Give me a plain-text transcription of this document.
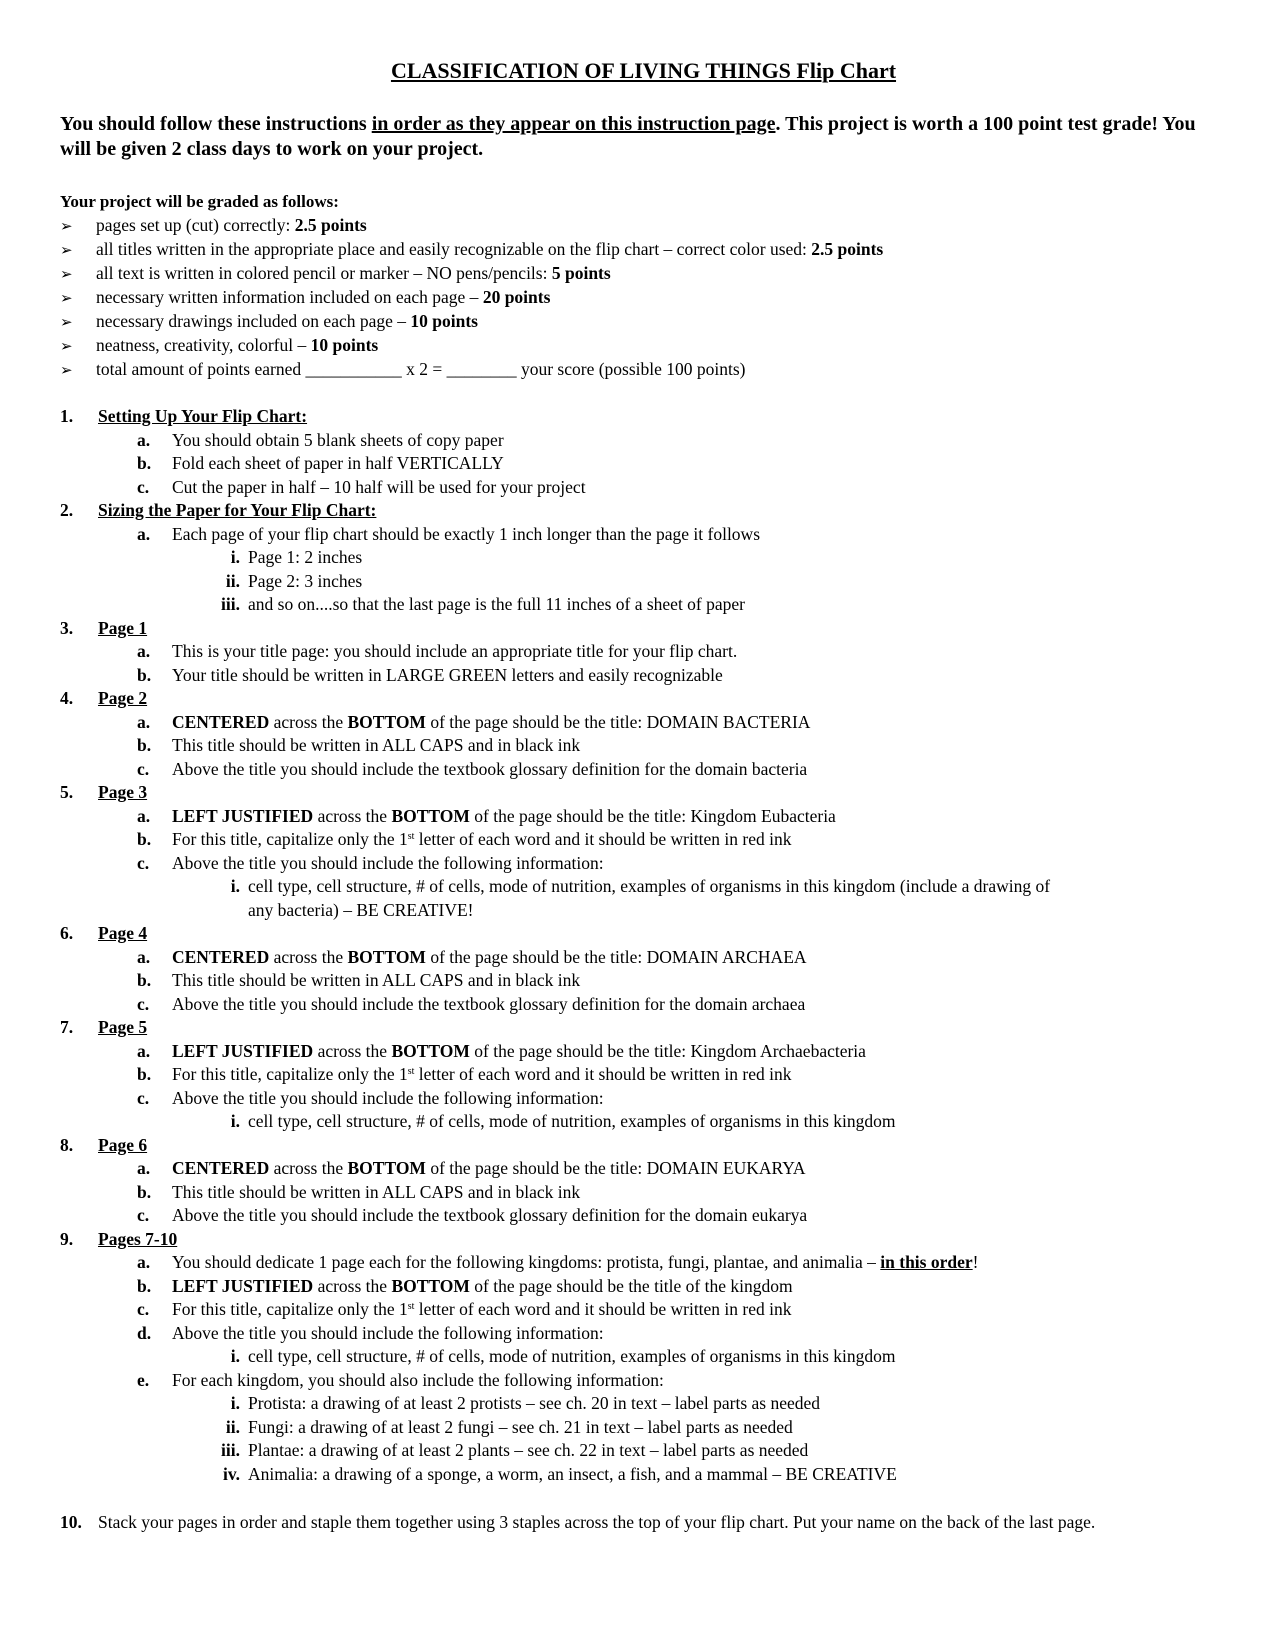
CLASSIFICATION OF LIVING THINGS Flip Chart
You should follow these instructions in order as they appear on this instruction page. This project is worth a 100 point test grade! You will be given 2 class days to work on your project.
Your project will be graded as follows:
➢ pages set up (cut) correctly: 2.5 points
➢ all titles written in the appropriate place and easily recognizable on the flip chart – correct color used: 2.5 points
➢ all text is written in colored pencil or marker – NO pens/pencils: 5 points
➢ necessary written information included on each page – 20 points
➢ necessary drawings included on each page – 10 points
➢ neatness, creativity, colorful – 10 points
➢ total amount of points earned ___________ x 2 = ________ your score (possible 100 points)
1. Setting Up Your Flip Chart:
a. You should obtain 5 blank sheets of copy paper
b. Fold each sheet of paper in half VERTICALLY
c. Cut the paper in half – 10 half will be used for your project
2. Sizing the Paper for Your Flip Chart:
a. Each page of your flip chart should be exactly 1 inch longer than the page it follows
i. Page 1: 2 inches
ii. Page 2: 3 inches
iii. and so on....so that the last page is the full 11 inches of a sheet of paper
3. Page 1
a. This is your title page: you should include an appropriate title for your flip chart.
b. Your title should be written in LARGE GREEN letters and easily recognizable
4. Page 2
a. CENTERED across the BOTTOM of the page should be the title: DOMAIN BACTERIA
b. This title should be written in ALL CAPS and in black ink
c. Above the title you should include the textbook glossary definition for the domain bacteria
5. Page 3
a. LEFT JUSTIFIED across the BOTTOM of the page should be the title: Kingdom Eubacteria
b. For this title, capitalize only the 1st letter of each word and it should be written in red ink
c. Above the title you should include the following information:
i. cell type, cell structure, # of cells, mode of nutrition, examples of organisms in this kingdom (include a drawing of
any bacteria) – BE CREATIVE!
6. Page 4
a. CENTERED across the BOTTOM of the page should be the title: DOMAIN ARCHAEA
b. This title should be written in ALL CAPS and in black ink
c. Above the title you should include the textbook glossary definition for the domain archaea
7. Page 5
a. LEFT JUSTIFIED across the BOTTOM of the page should be the title: Kingdom Archaebacteria
b. For this title, capitalize only the 1st letter of each word and it should be written in red ink
c. Above the title you should include the following information:
i. cell type, cell structure, # of cells, mode of nutrition, examples of organisms in this kingdom
8. Page 6
a. CENTERED across the BOTTOM of the page should be the title: DOMAIN EUKARYA
b. This title should be written in ALL CAPS and in black ink
c. Above the title you should include the textbook glossary definition for the domain eukarya
9. Pages 7-10
a. You should dedicate 1 page each for the following kingdoms: protista, fungi, plantae, and animalia – in this order!
b. LEFT JUSTIFIED across the BOTTOM of the page should be the title of the kingdom
c. For this title, capitalize only the 1st letter of each word and it should be written in red ink
d. Above the title you should include the following information:
i. cell type, cell structure, # of cells, mode of nutrition, examples of organisms in this kingdom
e. For each kingdom, you should also include the following information:
i. Protista: a drawing of at least 2 protists – see ch. 20 in text – label parts as needed
ii. Fungi: a drawing of at least 2 fungi – see ch. 21 in text – label parts as needed
iii. Plantae: a drawing of at least 2 plants – see ch. 22 in text – label parts as needed
iv. Animalia: a drawing of a sponge, a worm, an insect, a fish, and a mammal – BE CREATIVE
10. Stack your pages in order and staple them together using 3 staples across the top of your flip chart. Put your name on the back of the last page.
